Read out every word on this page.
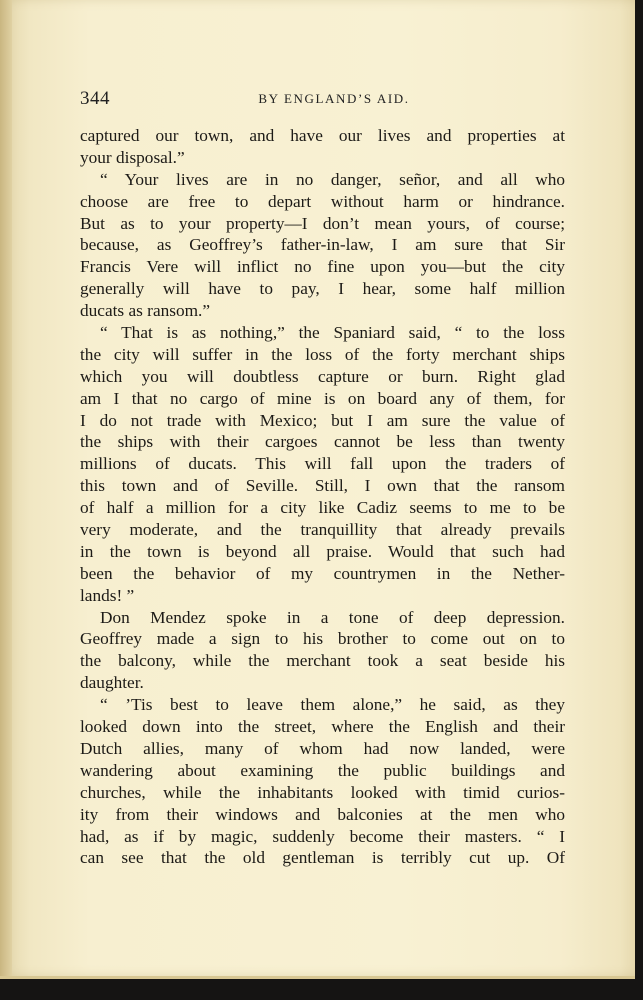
344	BY ENGLAND’S AID.
captured our town, and have our lives and properties at
your disposal.”
“ Your lives are in no danger, señor, and all who
choose are free to depart without harm or hindrance.
But as to your property—I don’t mean yours, of course;
because, as Geoffrey’s father-in-law, I am sure that Sir
Francis Vere will inflict no fine upon you—but the city
generally will have to pay, I hear, some half million
ducats as ransom.”
“ That is as nothing,” the Spaniard said, “ to the loss
the city will suffer in the loss of the forty merchant ships
which you will doubtless capture or burn. Right glad
am I that no cargo of mine is on board any of them, for
I do not trade with Mexico; but I am sure the value of
the ships with their cargoes cannot be less than twenty
millions of ducats. This will fall upon the traders of
this town and of Seville. Still, I own that the ransom
of half a million for a city like Cadiz seems to me to be
very moderate, and the tranquillity that already prevails
in the town is beyond all praise. Would that such had
been the behavior of my countrymen in the Nether-
lands! ”
Don Mendez spoke in a tone of deep depression.
Geoffrey made a sign to his brother to come out on to
the balcony, while the merchant took a seat beside his
daughter.
“ ’Tis best to leave them alone,” he said, as they
looked down into the street, where the English and their
Dutch allies, many of whom had now landed, were
wandering about examining the public buildings and
churches, while the inhabitants looked with timid curios-
ity from their windows and balconies at the men who
had, as if by magic, suddenly become their masters. “ I
can see that the old gentleman is terribly cut up. Of
